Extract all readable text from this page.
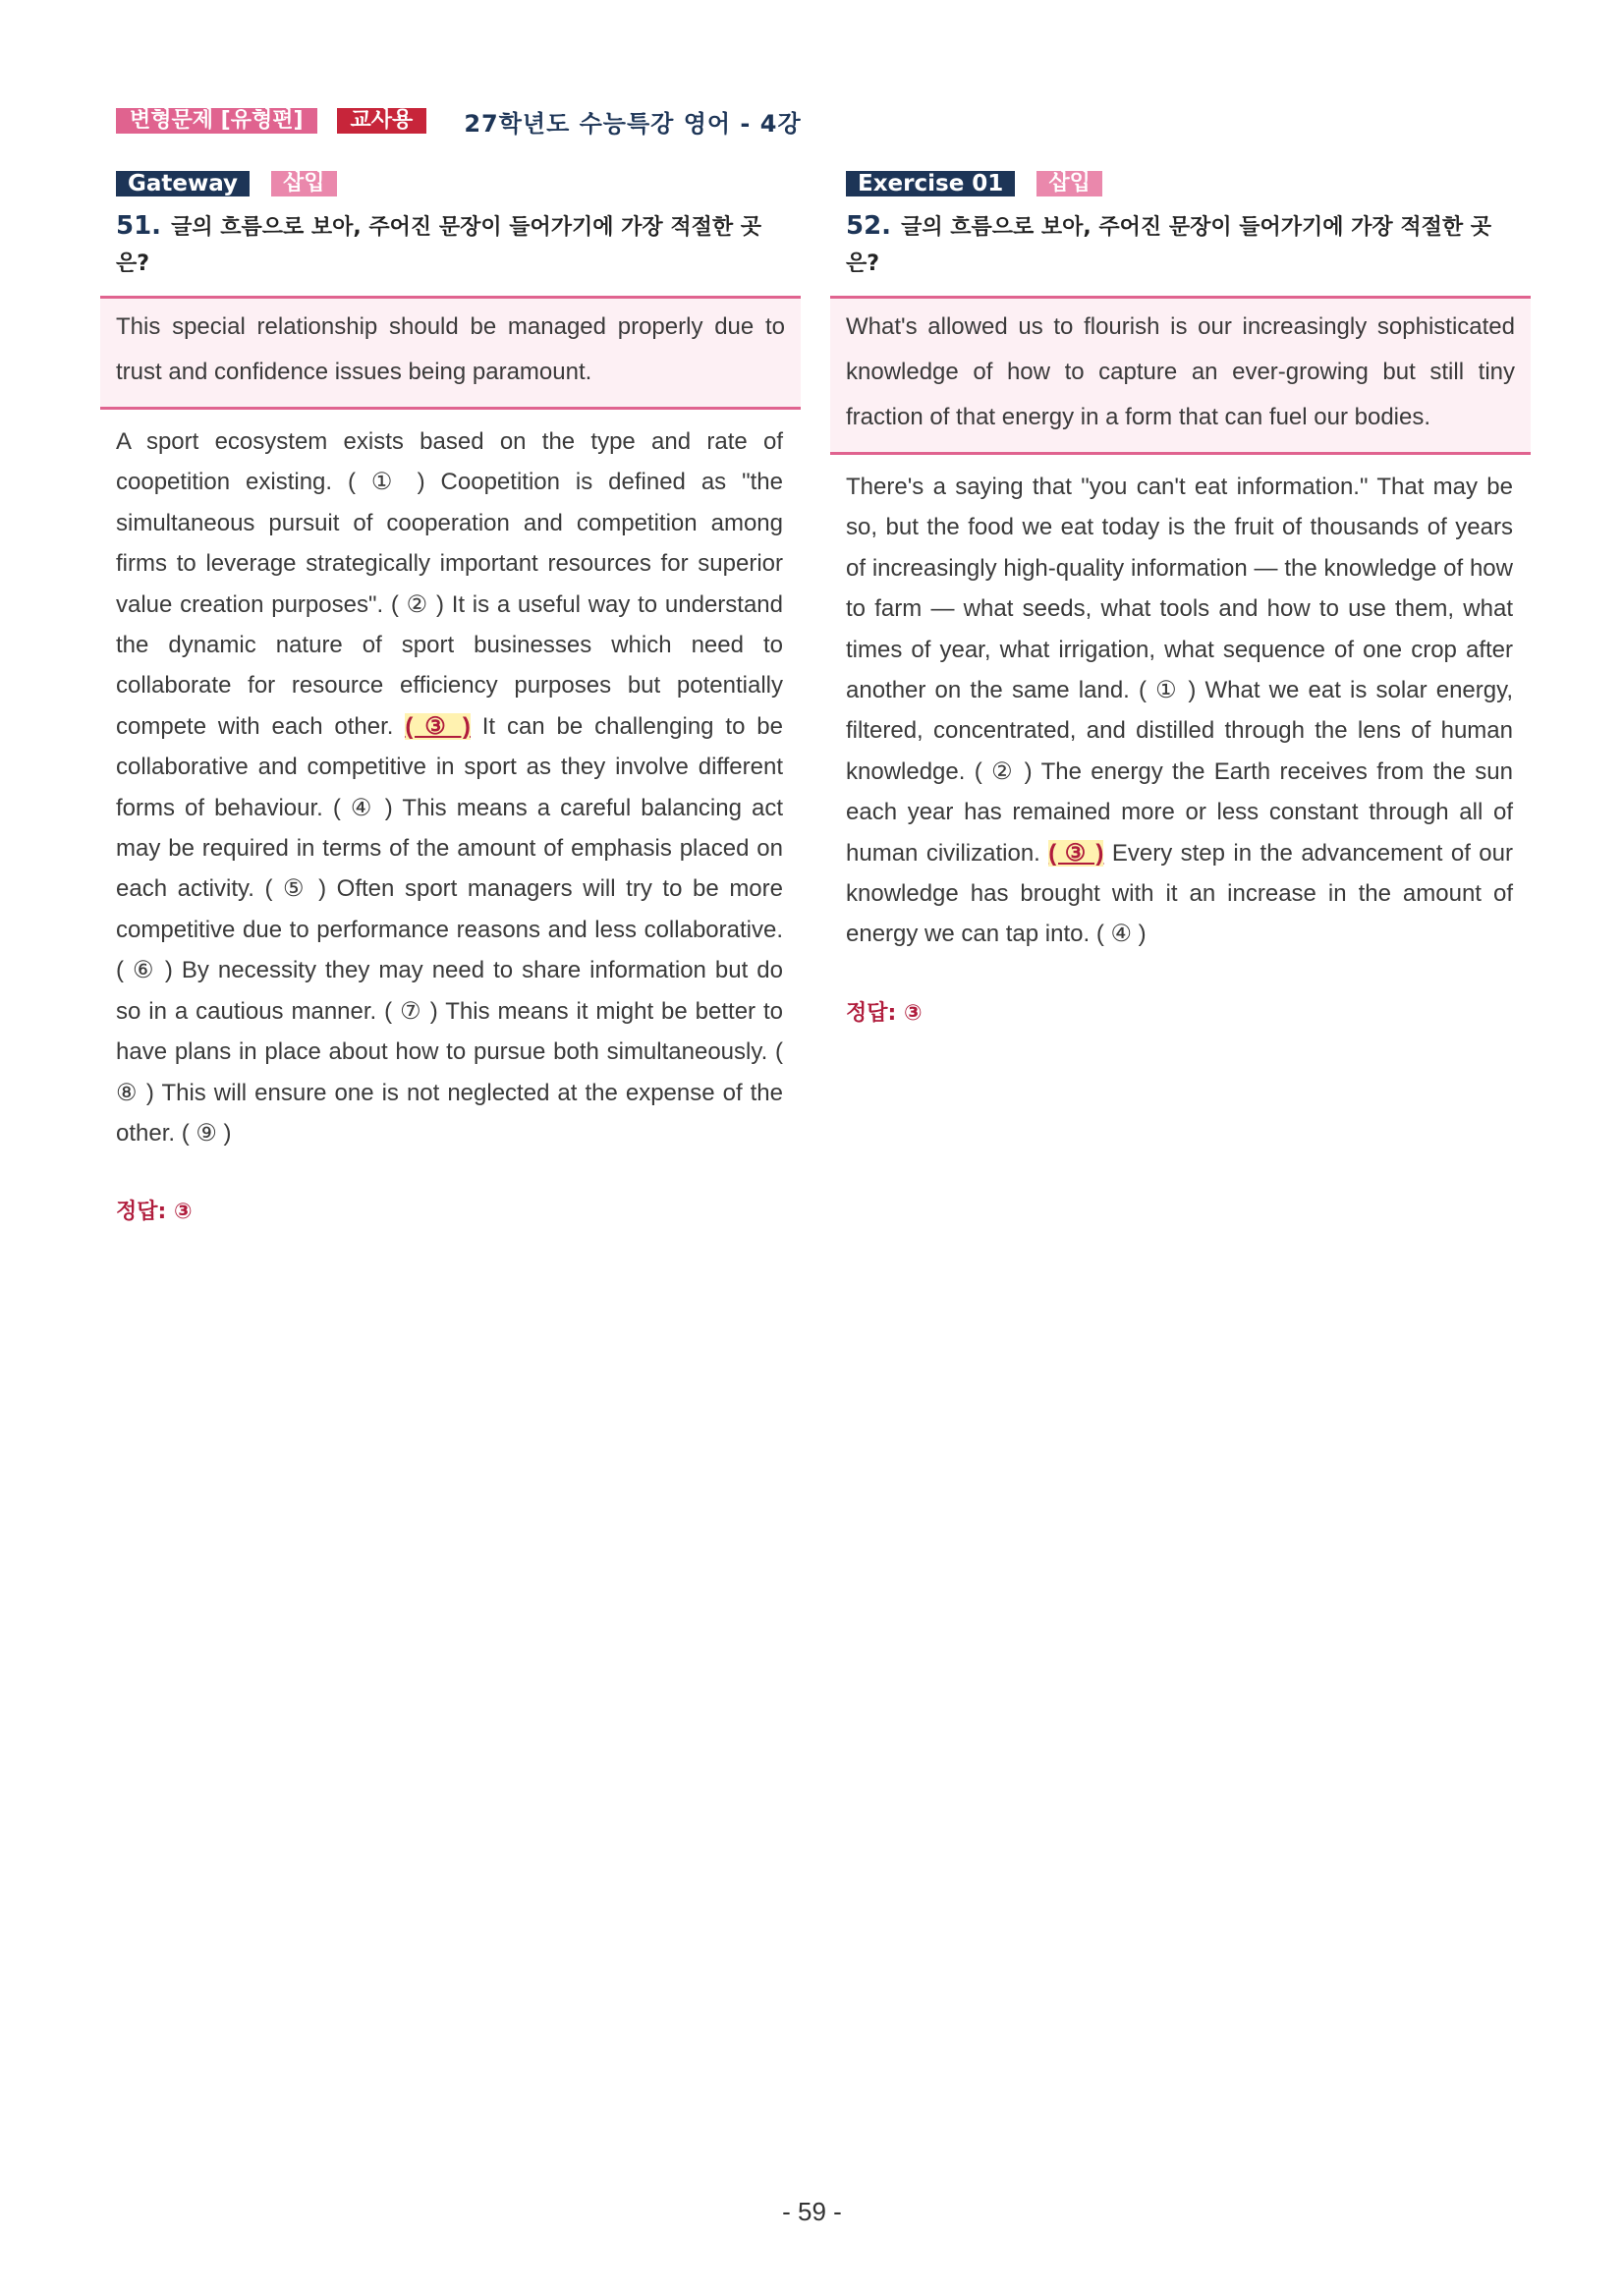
변형문제 [유형편]	교사용	27학년도 수능특강 영어 - 4강
Gateway	삽입
51. 글의 흐름으로 보아, 주어진 문장이 들어가기에 가장 적절한 곳은?
This special relationship should be managed properly due to trust and confidence issues being paramount.
A sport ecosystem exists based on the type and rate of coopetition existing. ( ① ) Coopetition is defined as "the simultaneous pursuit of cooperation and competition among firms to leverage strategically important resources for superior value creation purposes". ( ② ) It is a useful way to understand the dynamic nature of sport businesses which need to collaborate for resource efficiency purposes but potentially compete with each other. ( ③ ) It can be challenging to be collaborative and competitive in sport as they involve different forms of behaviour. ( ④ ) This means a careful balancing act may be required in terms of the amount of emphasis placed on each activity. ( ⑤ ) Often sport managers will try to be more competitive due to performance reasons and less collaborative. ( ⑥ ) By necessity they may need to share information but do so in a cautious manner. ( ⑦ ) This means it might be better to have plans in place about how to pursue both simultaneously. ( ⑧ ) This will ensure one is not neglected at the expense of the other. ( ⑨ )
정답: ③
Exercise 01	삽입
52. 글의 흐름으로 보아, 주어진 문장이 들어가기에 가장 적절한 곳은?
What's allowed us to flourish is our increasingly sophisticated knowledge of how to capture an ever-growing but still tiny fraction of that energy in a form that can fuel our bodies.
There's a saying that "you can't eat information." That may be so, but the food we eat today is the fruit of thousands of years of increasingly high-quality information — the knowledge of how to farm — what seeds, what tools and how to use them, what times of year, what irrigation, what sequence of one crop after another on the same land. ( ① ) What we eat is solar energy, filtered, concentrated, and distilled through the lens of human knowledge. ( ② ) The energy the Earth receives from the sun each year has remained more or less constant through all of human civilization. ( ③ ) Every step in the advancement of our knowledge has brought with it an increase in the amount of energy we can tap into. ( ④ )
정답: ③
- 59 -
